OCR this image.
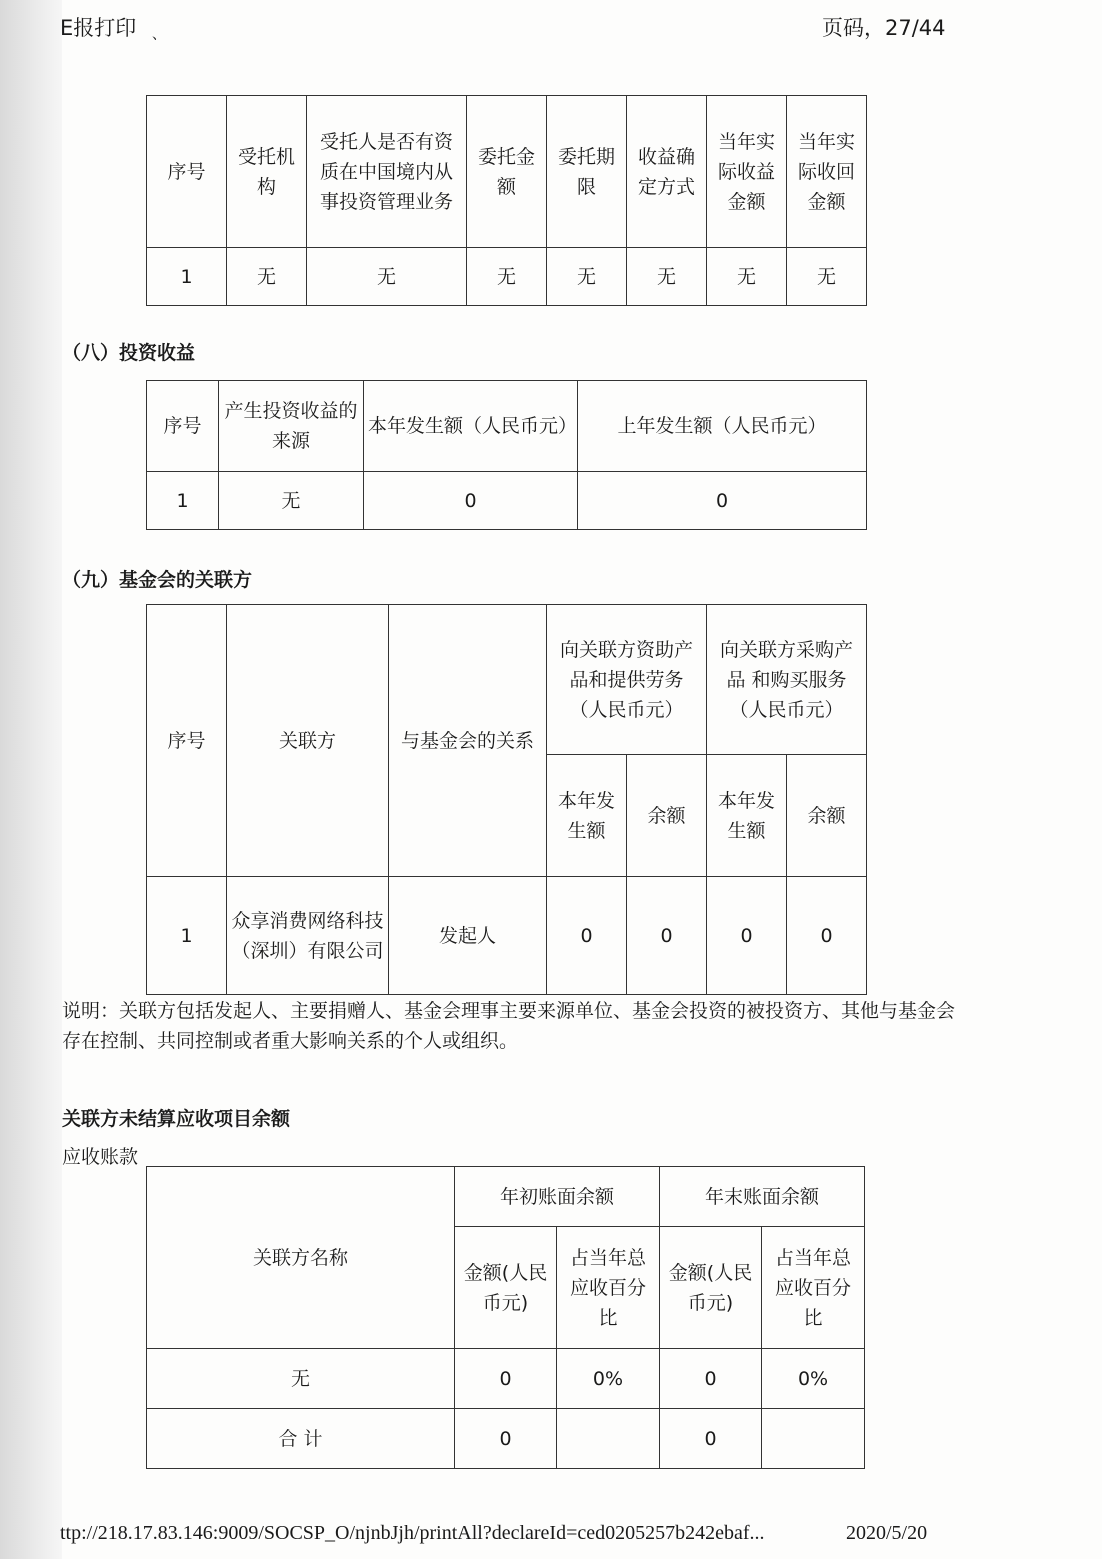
E报打印 、	页码，27/44
序号	受托机构	受托人是否有资质在中国境内从事投资管理业务	委托金额	委托期限	收益确定方式	当年实际收益金额	当年实际收回金额
1	无	无	无	无	无	无	无
（八）投资收益
序号	产生投资收益的来源	本年发生额（人民币元）	上年发生额（人民币元）
1	无	0	0
（九）基金会的关联方
序号	关联方	与基金会的关系	向关联方资助产品和提供劳务（人民币元）		向关联方采购产品 和购买服务（人民币元）	
			本年发生额	余额	本年发生额	余额
1	众享消费网络科技（深圳）有限公司	发起人	0	0	0	0
说明：关联方包括发起人、主要捐赠人、基金会理事主要来源单位、基金会投资的被投资方、其他与基金会存在控制、共同控制或者重大影响关系的个人或组织。
关联方未结算应收项目余额
应收账款
关联方名称	年初账面余额		年末账面余额	
	金额(人民币元)	占当年总应收百分比	金额(人民币元)	占当年总应收百分比
无	0	0%	0	0%
合 计	0		0	
ttp://218.17.83.146:9009/SOCSP_O/njnbJjh/printAll?declareId=ced0205257b242ebaf...	2020/5/20
